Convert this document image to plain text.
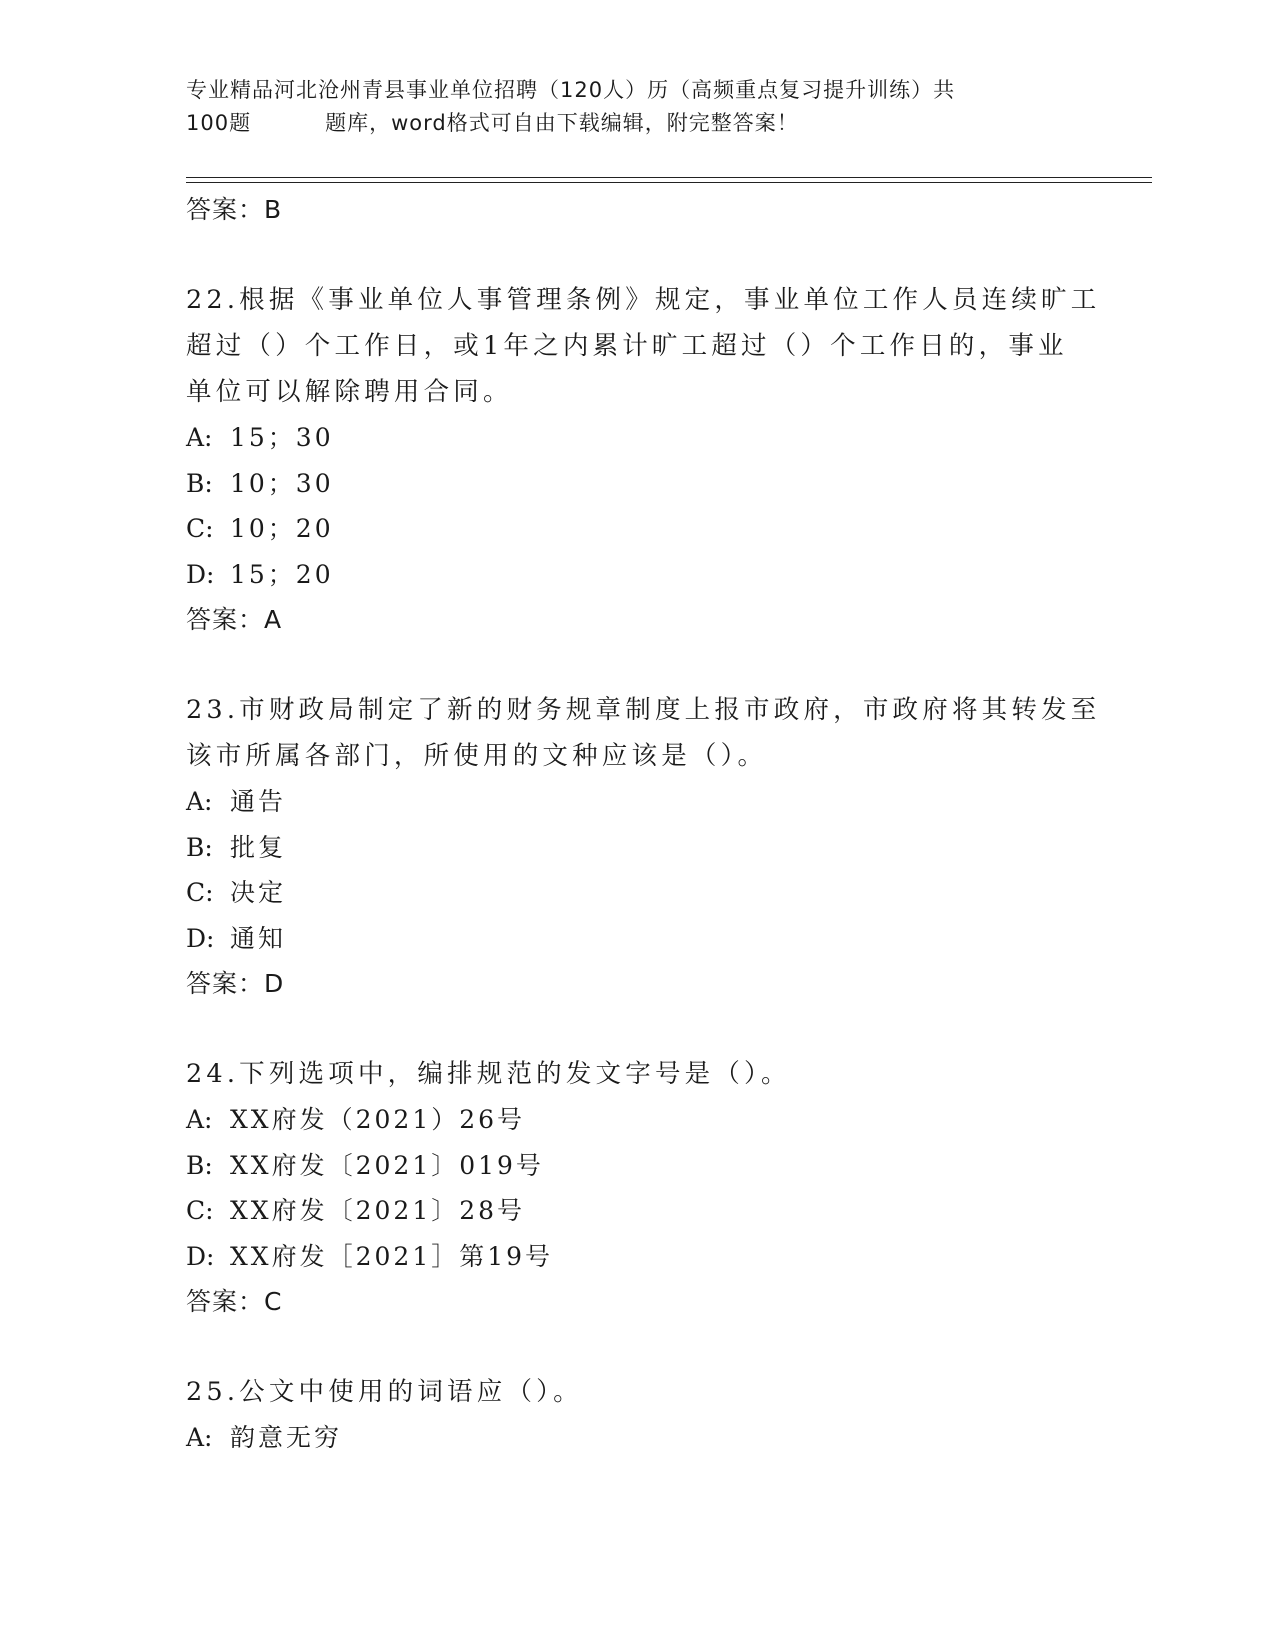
专业精品河北沧州青县事业单位招聘（120人）历（高频重点复习提升训练）共
100题	题库，word格式可自由下载编辑，附完整答案！
答案：B
22.根据《事业单位人事管理条例》规定，事业单位工作人员连续旷工
超过（）个工作日，或1年之内累计旷工超过（）个工作日的，事业
单位可以解除聘用合同。
A: 15；30
B: 10；30
C: 10；20
D: 15；20
答案：A
23.市财政局制定了新的财务规章制度上报市政府，市政府将其转发至
该市所属各部门，所使用的文种应该是（）。
A: 通告
B: 批复
C: 决定
D: 通知
答案：D
24.下列选项中，编排规范的发文字号是（）。
A: XX府发（2021）26号
B: XX府发〔2021〕019号
C: XX府发〔2021〕28号
D: XX府发［2021］第19号
答案：C
25.公文中使用的词语应（）。
A: 韵意无穷
